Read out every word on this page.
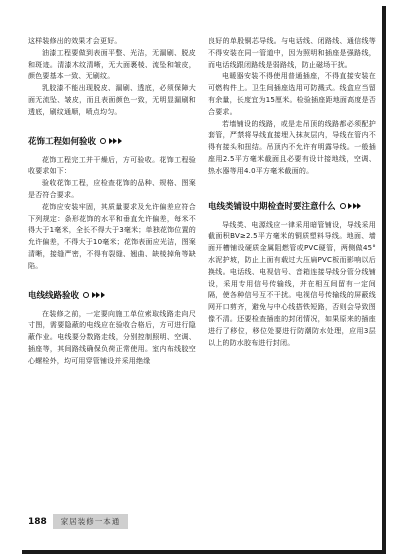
这样装修出的效果才会更好。

油漆工程要做到表面平整、光洁，无漏刷、脱皮和斑迹。清漆木纹清晰，无大面裹棱、流坠和皱皮，颜色要基本一致、无刷纹。

乳胶漆不能出现脱皮、漏刷、透底，必须保障大面无流坠、皱皮，而且表面颜色一致，无明显漏刷和透底，刷纹通顺，喷点均匀。

花饰工程如何验收

花饰工程完工并干燥后，方可验收。花饰工程验收要求如下：

验收花饰工程，应检查花饰的品种、规格、图案是否符合要求。

花饰应安装牢固，其质量要求及允许偏差应符合下列规定：条形花饰的水平和垂直允许偏差，每米不得大于1毫米，全长不得大于3毫米；单独花饰位置的允许偏差，不得大于10毫米；花饰表面应光洁，图案清晰，接缝严密，不得有裂缝、翘曲、缺棱掉角等缺陷。

电线线路验收

在装修之前，一定要向施工单位索取线路走向尺寸图，需要隐蔽的电线应在验收合格后，方可进行隐蔽作业。电线要分数路走线，分别控制照明、空调、插座等，其间路线确保负荷正常使用。室内布线胶空心螺栓外，均可用穿管铺设并采用绝缘

良好的单股铜芯导线。与电话线、闭路线、通信线等不得安装在同一管道中，因为照明和插座是强路线，而电话线跟闭路线是弱路线，防止磁场干扰。

电暖器安装不得使用普通插座，不得直接安装在可燃构件上。卫生间插座选用可防溅式。线盒应当留有余量，长度宜为15厘米。检验插座距地面高度是否合要求。

若墙铺设的线路，或是走吊顶的线路都必须配护套管，严禁将导线直接埋入抹灰层内，导线在管内不得有接头和扭结。吊顶内不允许有明露导线。一般插座用2.5平方毫米截面且必要有设计接地线，空调、热水器等用4.0平方毫米截面的。

电线类铺设中期检查时要注意什么

导线类、电源线应一律采用暗管铺设，导线采用截面积BV≥2.5平方毫米的铜质塑料导线。地面、墙面开槽铺设硬质金属阻燃管或PVC硬管，两侧做45°水泥护坡，防止上面有载过大压扁PVC板而影响以后换线。电话线、电视信号、音箱连接导线分管分线铺设，采用专用信号传输线，并在相互间留有一定间隔，使各种信号互不干扰。电视信号传输线的屏蔽线网开口剪齐，避免与中心线搭铁短路，否则会导致图像不清。还要检查插座的封闭情况，如果原来的插座进行了移位，移位处要进行防潮防水处理，应用3层以上的防水胶布进行封闭。

188	家居装修一本通
